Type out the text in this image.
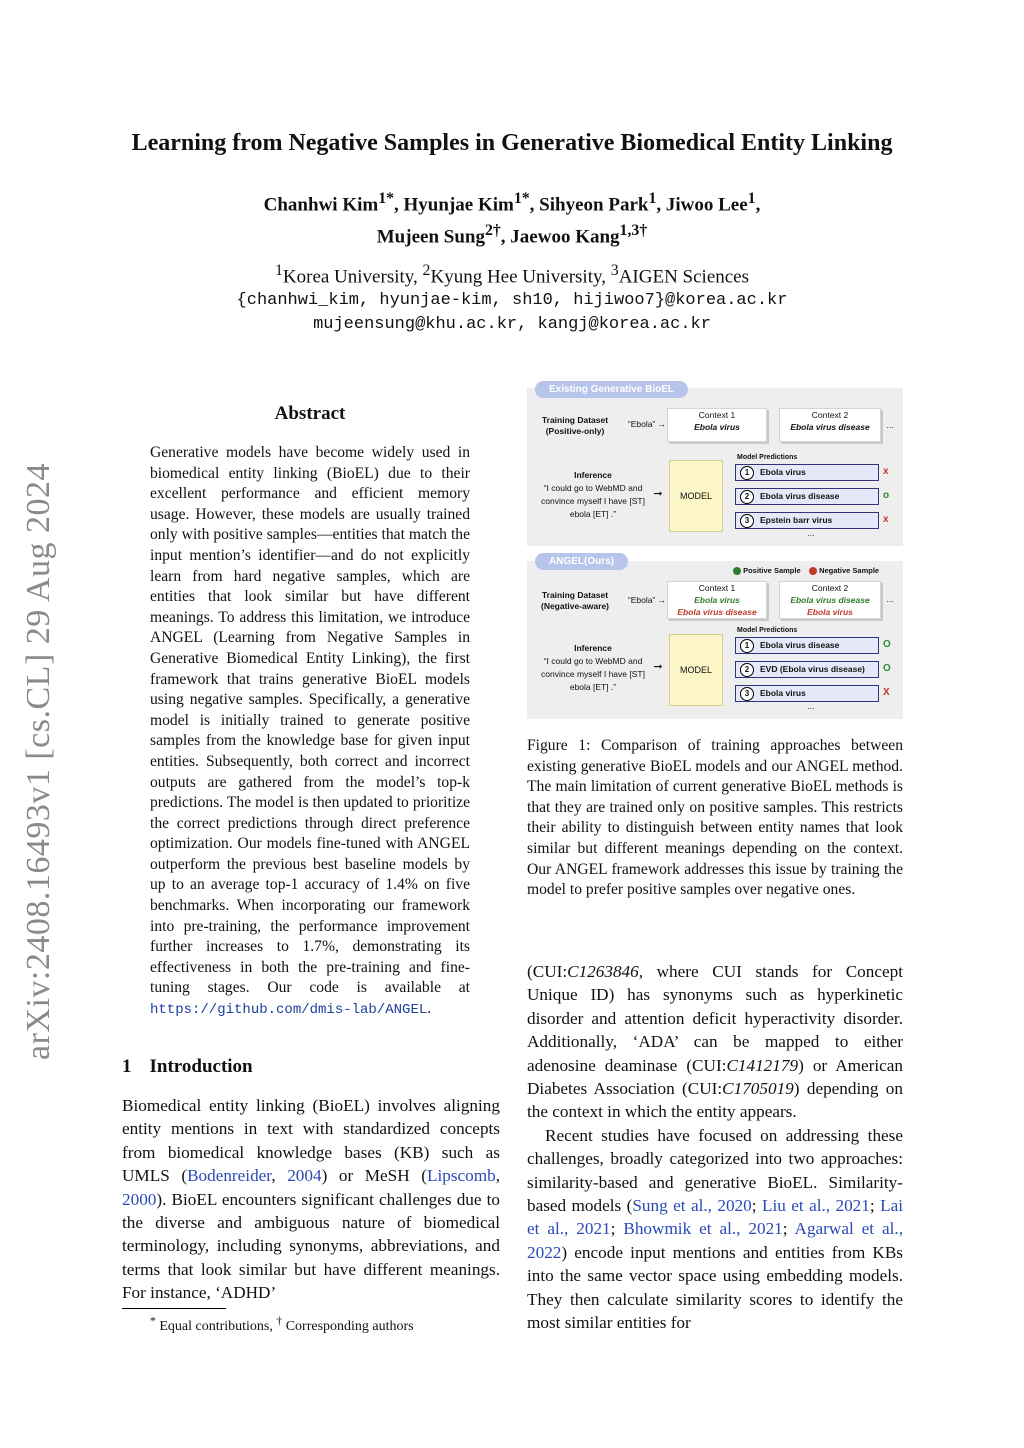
Learning from Negative Samples in Generative Biomedical Entity Linking
Chanhwi Kim$^{1*}$, Hyunjae Kim$^{1*}$, Sihyeon Park$^1$, Jiwoo Lee$^1$,
Mujeen Sung$^{2\dagger}$, Jaewoo Kang$^{1,3\dagger}$
$^1$Korea University, $^2$Kyung Hee University, $^3$AIGEN Sciences
{chanhwi_kim, hyunjae-kim, sh10, hijiwoo7}@korea.ac.kr
mujeensung@khu.ac.kr, kangj@korea.ac.kr
arXiv:2408.16493v1 [cs.CL] 29 Aug 2024
Abstract
Generative models have become widely used in biomedical entity linking (BioEL) due to their excellent performance and efficient memory usage. However, these models are usually trained only with positive samples—entities that match the input mention’s identifier—and do not explicitly learn from hard negative samples, which are entities that look similar but have different meanings. To address this limitation, we introduce ANGEL (Learning from Negative Samples in Generative Biomedical Entity Linking), the first framework that trains generative BioEL models using negative samples. Specifically, a generative model is initially trained to generate positive samples from the knowledge base for given input entities. Subsequently, both correct and incorrect outputs are gathered from the model’s top-k predictions. The model is then updated to prioritize the correct predictions through direct preference optimization. Our models fine-tuned with ANGEL outperform the previous best baseline models by up to an average top-1 accuracy of 1.4% on five benchmarks. When incorporating our framework into pre-training, the performance improvement further increases to 1.7%, demonstrating its effectiveness in both the pre-training and fine-tuning stages. Our code is available at https://github.com/dmis-lab/ANGEL.
1 Introduction
Biomedical entity linking (BioEL) involves aligning entity mentions in text with standardized concepts from biomedical knowledge bases (KB) such as UMLS (Bodenreider, 2004) or MeSH (Lipscomb, 2000). BioEL encounters significant challenges due to the diverse and ambiguous nature of biomedical terminology, including synonyms, abbreviations, and terms that look similar but have different meanings. For instance, ‘ADHD’
* Equal contributions, † Corresponding authors
Existing Generative BioEL
Training Dataset (Positive-only)
“Ebola” →
Context 1
Ebola virus
Context 2
Ebola virus disease	...
Inference
“I could go to WebMD and convince myself I have [ST] ebola [ET] .”
➞	MODEL
Model Predictions
1 Ebola virus	x
2 Ebola virus disease	o
3 Epstein barr virus	x
...
ANGEL(Ours)
Positive Sample Negative Sample
Training Dataset (Negative-aware)
“Ebola” →
Context 1
Ebola virus
Ebola virus disease
Context 2
Ebola virus disease
Ebola virus
...
Inference
“I could go to WebMD and convince myself I have [ST] ebola [ET] .”
➞	MODEL
Model Predictions
1 Ebola virus disease	O
2 EVD (Ebola virus disease)	O
3 Ebola virus	X
...
Figure 1: Comparison of training approaches between existing generative BioEL models and our ANGEL method. The main limitation of current generative BioEL methods is that they are trained only on positive samples. This restricts their ability to distinguish between entity names that look similar but different meanings depending on the context. Our ANGEL framework addresses this issue by training the model to prefer positive samples over negative ones.

(CUI:C1263846, where CUI stands for Concept Unique ID) has synonyms such as hyperkinetic disorder and attention deficit hyperactivity disorder. Additionally, ‘ADA’ can be mapped to either adenosine deaminase (CUI:C1412179) or American Diabetes Association (CUI:C1705019) depending on the context in which the entity appears.

Recent studies have focused on addressing these challenges, broadly categorized into two approaches: similarity-based and generative BioEL. Similarity-based models (Sung et al., 2020; Liu et al., 2021; Lai et al., 2021; Bhowmik et al., 2021; Agarwal et al., 2022) encode input mentions and entities from KBs into the same vector space using embedding models. They then calculate similarity scores to identify the most similar entities for
